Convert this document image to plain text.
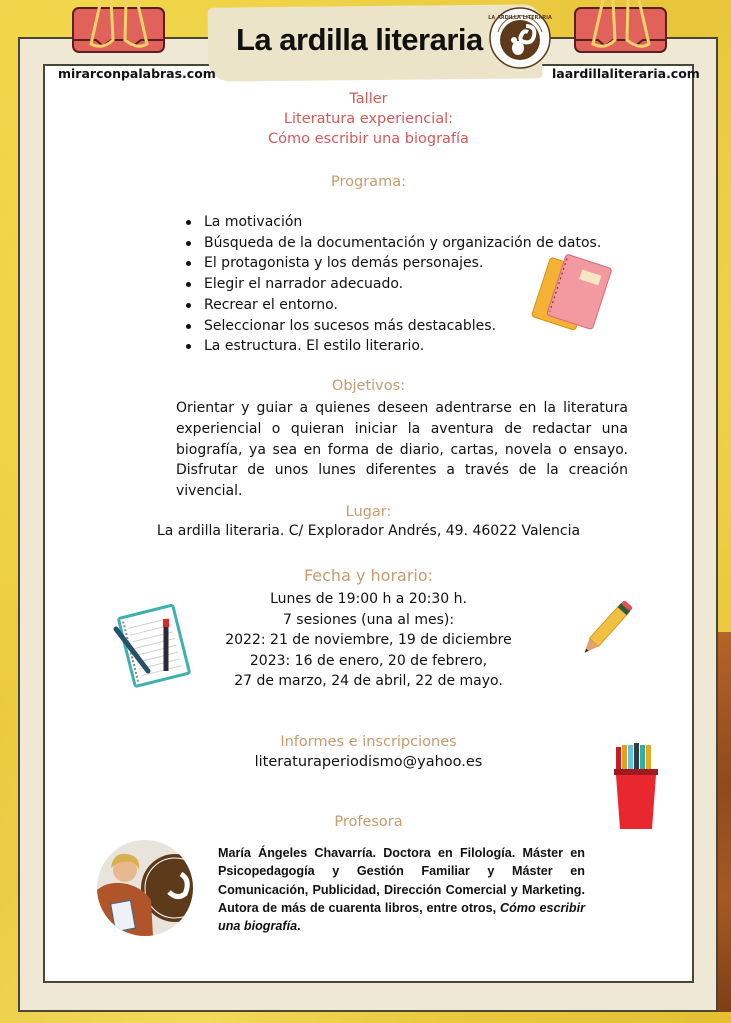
La ardilla literaria
LA ARDILLA LITERARIA
mirarconpalabras.com	laardillaliteraria.com
Taller
Literatura experiencial:
Cómo escribir una biografía
Programa:
La motivación
Búsqueda de la documentación y organización de datos.
El protagonista y los demás personajes.
Elegir el narrador adecuado.
Recrear el entorno.
Seleccionar los sucesos más destacables.
La estructura. El estilo literario.
Objetivos:

Orientar y guiar a quienes deseen adentrarse en la literatura experiencial o quieran iniciar la aventura de redactar una biografía, ya sea en forma de diario, cartas, novela o ensayo. Disfrutar de unos lunes diferentes a través de la creación vivencial.

Lugar:
La ardilla literaria. C/ Explorador Andrés, 49. 46022 Valencia
Fecha y horario:
Lunes de 19:00 h a 20:30 h.
7 sesiones (una al mes):
2022: 21 de noviembre, 19 de diciembre
2023: 16 de enero, 20 de febrero,
27 de marzo, 24 de abril, 22 de mayo.
Informes e inscripciones
literaturaperiodismo@yahoo.es
Profesora

María Ángeles Chavarría. Doctora en Filología. Máster en Psicopedagogía y Gestión Familiar y Máster en Comunicación, Publicidad, Dirección Comercial y Marketing. Autora de más de cuarenta libros, entre otros, Cómo escribir una biografía.
